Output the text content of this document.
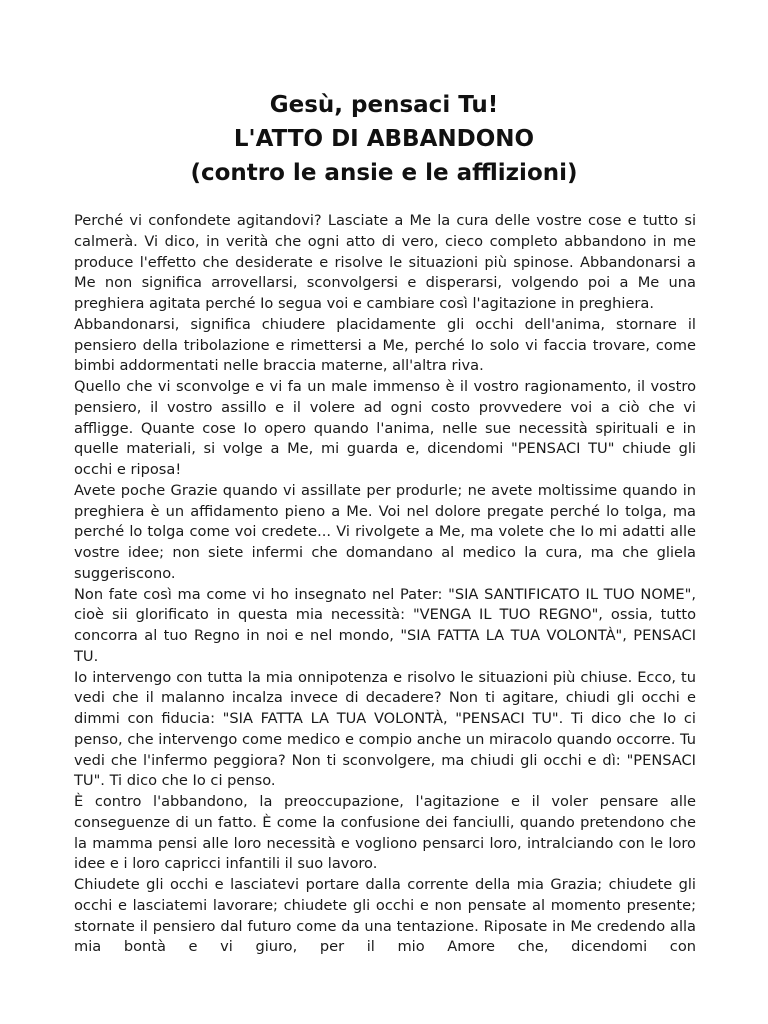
Gesù, pensaci Tu!
L'ATTO DI ABBANDONO
(contro le ansie e le afflizioni)

Perché vi confondete agitandovi? Lasciate a Me la cura delle vostre cose e tutto si calmerà. Vi dico, in verità che ogni atto di vero, cieco completo abbandono in me produce l'effetto che desiderate e risolve le situazioni più spinose. Abbandonarsi a Me non significa arrovellarsi, sconvolgersi e disperarsi, volgendo poi a Me una preghiera agitata perché Io segua voi e cambiare così l'agitazione in preghiera.

Abbandonarsi, significa chiudere placidamente gli occhi dell'anima, stornare il pensiero della tribolazione e rimettersi a Me, perché Io solo vi faccia trovare, come bimbi addormentati nelle braccia materne, all'altra riva.

Quello che vi sconvolge e vi fa un male immenso è il vostro ragionamento, il vostro pensiero, il vostro assillo e il volere ad ogni costo provvedere voi a ciò che vi affligge. Quante cose Io opero quando l'anima, nelle sue necessità spirituali e in quelle materiali, si volge a Me, mi guarda e, dicendomi "PENSACI TU" chiude gli occhi e riposa!

Avete poche Grazie quando vi assillate per produrle; ne avete moltissime quando in preghiera è un affidamento pieno a Me. Voi nel dolore pregate perché lo tolga, ma perché lo tolga come voi credete... Vi rivolgete a Me, ma volete che Io mi adatti alle vostre idee; non siete infermi che domandano al medico la cura, ma che gliela suggeriscono.

Non fate così ma come vi ho insegnato nel Pater: "SIA SANTIFICATO IL TUO NOME", cioè sii glorificato in questa mia necessità: "VENGA IL TUO REGNO", ossia, tutto concorra al tuo Regno in noi e nel mondo, "SIA FATTA LA TUA VOLONTÀ", PENSACI TU.

Io intervengo con tutta la mia onnipotenza e risolvo le situazioni più chiuse. Ecco, tu vedi che il malanno incalza invece di decadere? Non ti agitare, chiudi gli occhi e dimmi con fiducia: "SIA FATTA LA TUA VOLONTÀ, "PENSACI TU". Ti dico che Io ci penso, che intervengo come medico e compio anche un miracolo quando occorre. Tu vedi che l'infermo peggiora? Non ti sconvolgere, ma chiudi gli occhi e dì: "PENSACI TU". Ti dico che Io ci penso.

È contro l'abbandono, la preoccupazione, l'agitazione e il voler pensare alle conseguenze di un fatto. È come la confusione dei fanciulli, quando pretendono che la mamma pensi alle loro necessità e vogliono pensarci loro, intralciando con le loro idee e i loro capricci infantili il suo lavoro.

Chiudete gli occhi e lasciatevi portare dalla corrente della mia Grazia; chiudete gli occhi e lasciatemi lavorare; chiudete gli occhi e non pensate al momento presente; stornate il pensiero dal futuro come da una tentazione. Riposate in Me credendo alla mia bontà e vi giuro, per il mio Amore che, dicendomi con
